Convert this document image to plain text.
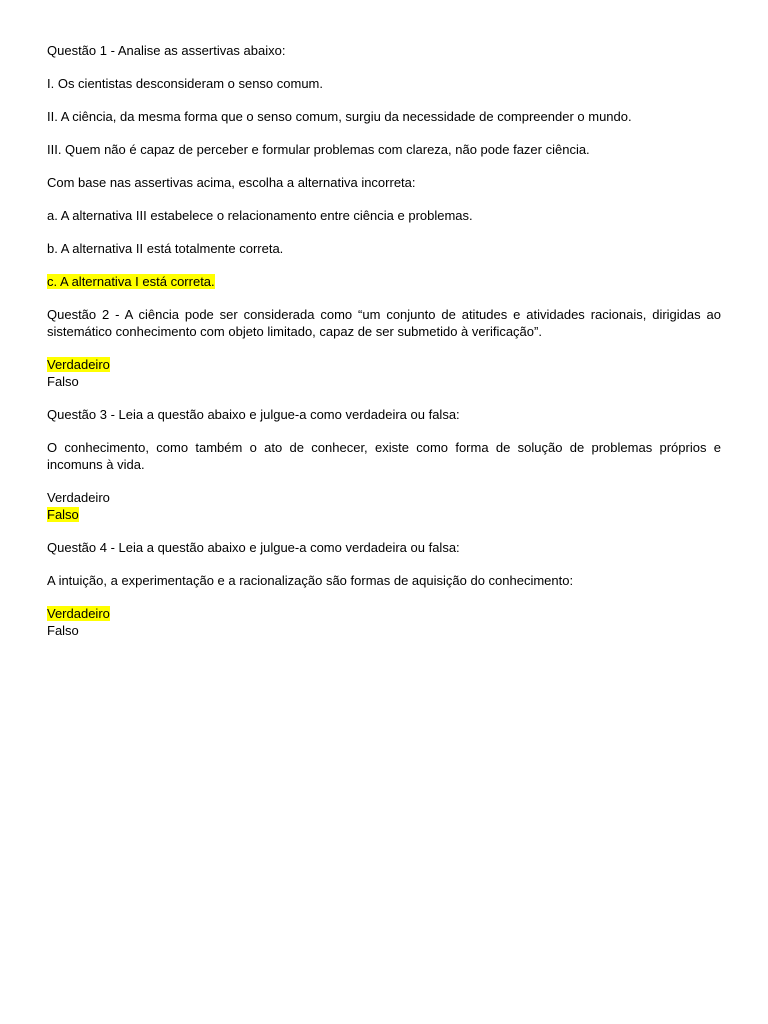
Questão 1 - Analise as assertivas abaixo:

I. Os cientistas desconsideram o senso comum.

II. A ciência, da mesma forma que o senso comum, surgiu da necessidade de compreender o mundo.

III. Quem não é capaz de perceber e formular problemas com clareza, não pode fazer ciência.

Com base nas assertivas acima, escolha a alternativa incorreta:

a. A alternativa III estabelece o relacionamento entre ciência e problemas.

b. A alternativa II está totalmente correta.

c. A alternativa I está correta.

Questão 2 - A ciência pode ser considerada como “um conjunto de atitudes e atividades racionais, dirigidas ao sistemático conhecimento com objeto limitado, capaz de ser submetido à verificação”.

Verdadeiro
Falso

Questão 3 - Leia a questão abaixo e julgue-a como verdadeira ou falsa:

O conhecimento, como também o ato de conhecer, existe como forma de solução de problemas próprios e incomuns à vida.

Verdadeiro
Falso

Questão 4 - Leia a questão abaixo e julgue-a como verdadeira ou falsa:

A intuição, a experimentação e a racionalização são formas de aquisição do conhecimento:

Verdadeiro
Falso
